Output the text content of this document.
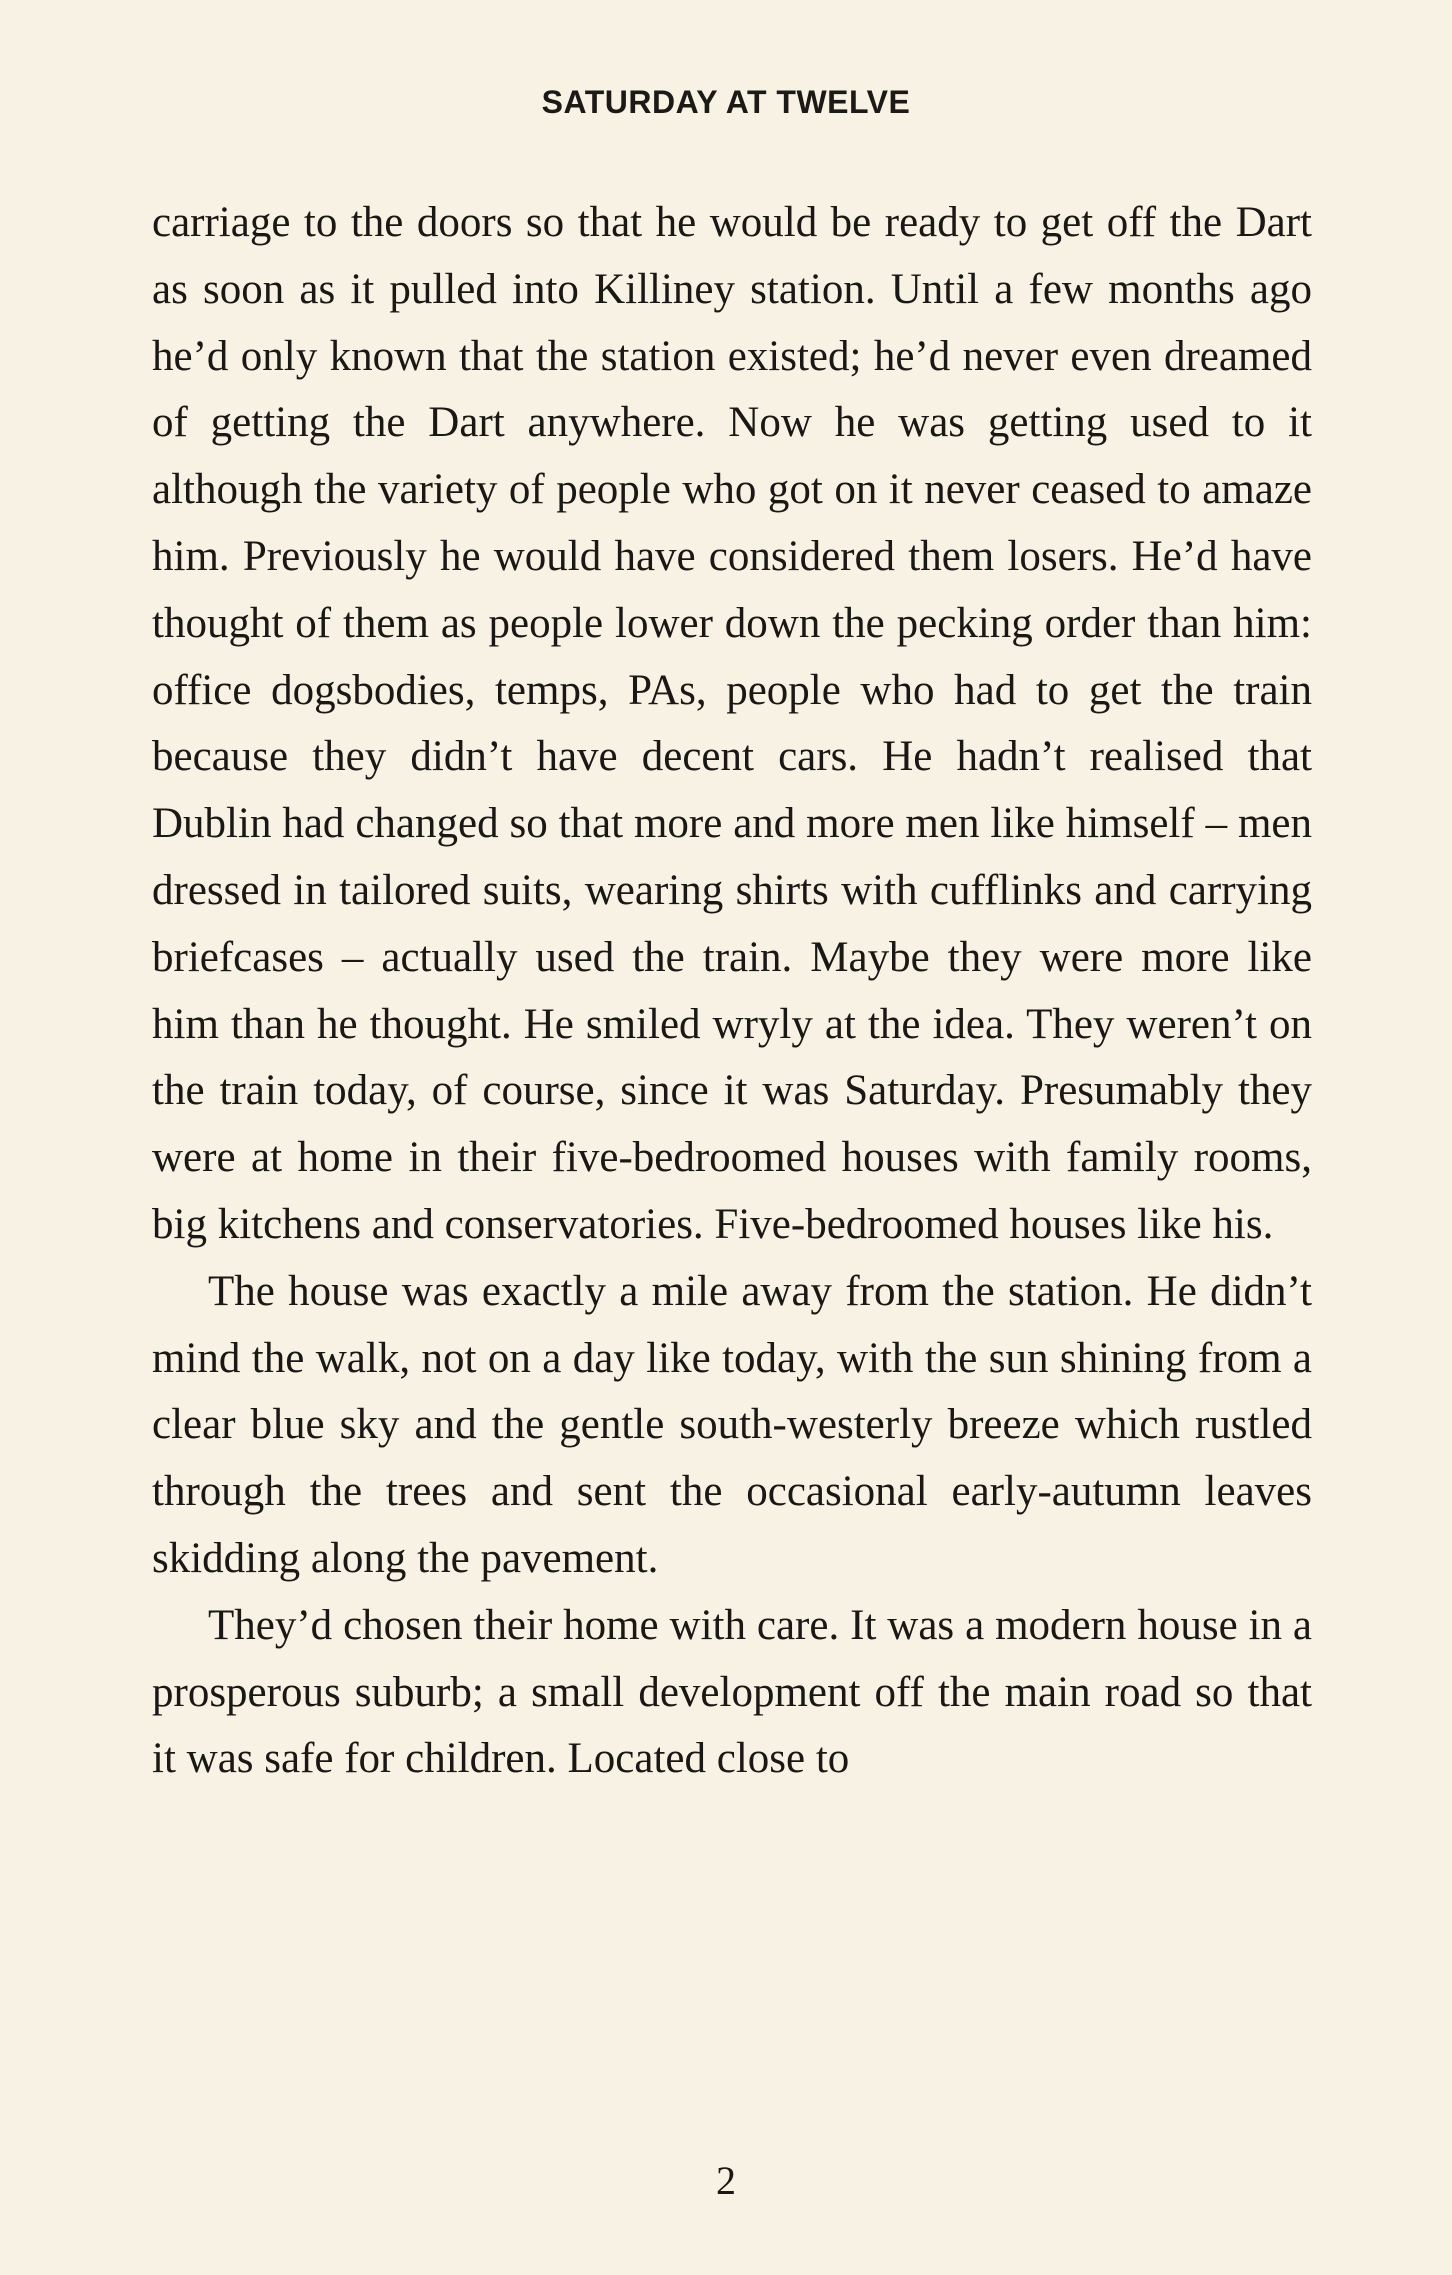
SATURDAY AT TWELVE

carriage to the doors so that he would be ready to get off the Dart as soon as it pulled into Killiney station. Until a few months ago he’d only known that the station existed; he’d never even dreamed of getting the Dart anywhere. Now he was getting used to it although the variety of people who got on it never ceased to amaze him. Previously he would have considered them losers. He’d have thought of them as people lower down the pecking order than him: office dogsbodies, temps, PAs, people who had to get the train because they didn’t have decent cars. He hadn’t realised that Dublin had changed so that more and more men like himself – men dressed in tailored suits, wearing shirts with cufflinks and carrying briefcases – actually used the train. Maybe they were more like him than he thought. He smiled wryly at the idea. They weren’t on the train today, of course, since it was Saturday. Presumably they were at home in their five-bedroomed houses with family rooms, big kitchens and conservatories. Five-bedroomed houses like his.

The house was exactly a mile away from the station. He didn’t mind the walk, not on a day like today, with the sun shining from a clear blue sky and the gentle south-westerly breeze which rustled through the trees and sent the occasional early-autumn leaves skidding along the pavement.

They’d chosen their home with care. It was a modern house in a prosperous suburb; a small development off the main road so that it was safe for children. Located close to

2
